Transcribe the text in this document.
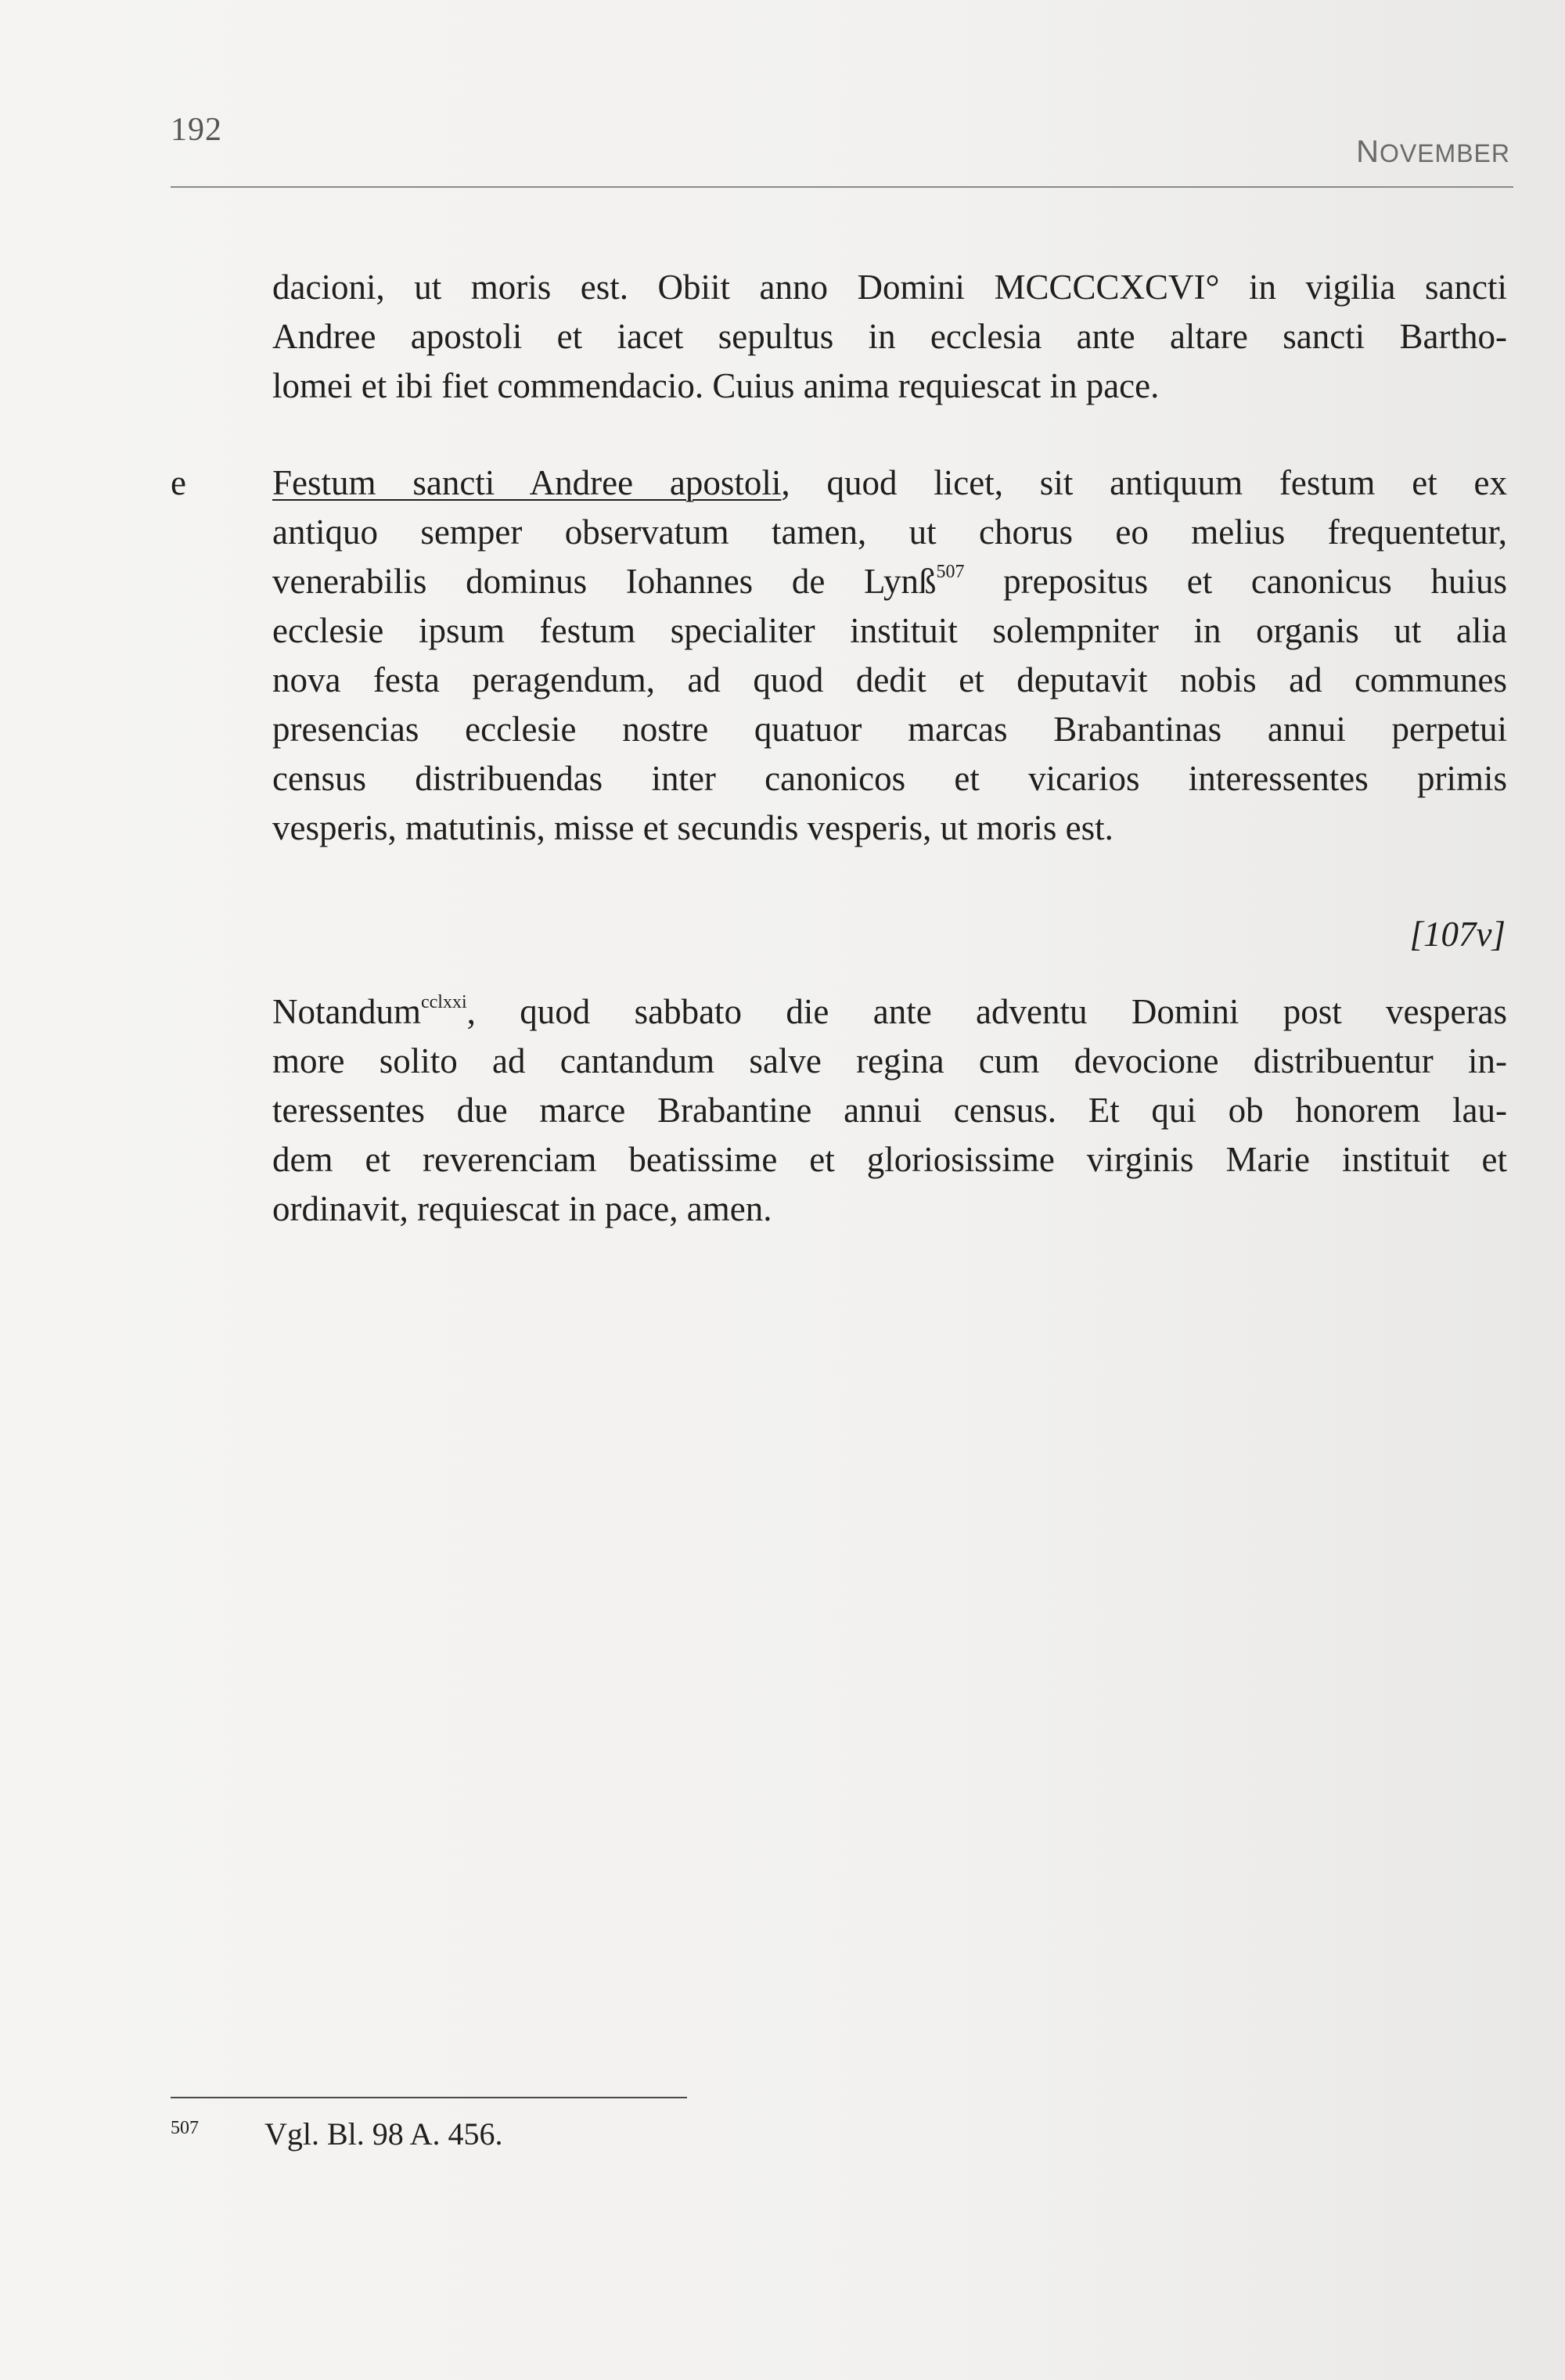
192
NOVEMBER
dacioni, ut moris est. Obiit anno Domini MCCCCXCVI° in vigilia sancti
Andree apostoli et iacet sepultus in ecclesia ante altare sancti Bartho-
lomei et ibi fiet commendacio. Cuius anima requiescat in pace.
e Festum sancti Andree apostoli, quod licet, sit antiquum festum et ex
antiquo semper observatum tamen, ut chorus eo melius frequentetur,
venerabilis dominus Iohannes de Lynß$^{507}$ prepositus et canonicus huius
ecclesie ipsum festum specialiter instituit solempniter in organis ut alia
nova festa peragendum, ad quod dedit et deputavit nobis ad communes
presencias ecclesie nostre quatuor marcas Brabantinas annui perpetui
census distribuendas inter canonicos et vicarios interessentes primis
vesperis, matutinis, misse et secundis vesperis, ut moris est.
[107v]
Notandum$^{cclxxi}$, quod sabbato die ante adventu Domini post vesperas
more solito ad cantandum salve regina cum devocione distribuentur in-
teressentes due marce Brabantine annui census. Et qui ob honorem lau-
dem et reverenciam beatissime et gloriosissime virginis Marie instituit et
ordinavit, requiescat in pace, amen.
507 Vgl. Bl. 98 A. 456.
